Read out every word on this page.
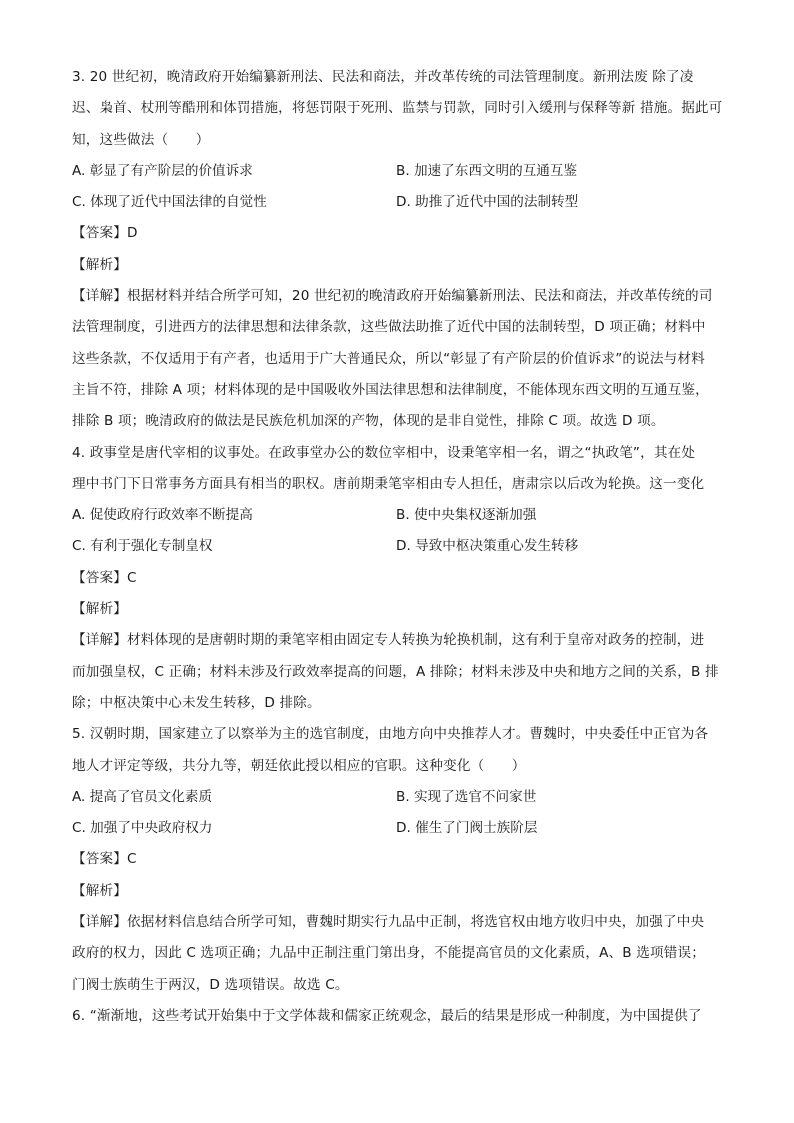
3. 20 世纪初，晚清政府开始编纂新刑法、民法和商法，并改革传统的司法管理制度。新刑法废 除了凌
迟、枭首、杖刑等酷刑和体罚措施，将惩罚限于死刑、监禁与罚款，同时引入缓刑与保释等新 措施。据此可
知，这些做法（　　）
A. 彰显了有产阶层的价值诉求	B. 加速了东西文明的互通互鉴
C. 体现了近代中国法律的自觉性	D. 助推了近代中国的法制转型
【答案】D
【解析】
【详解】根据材料并结合所学可知，20 世纪初的晚清政府开始编纂新刑法、民法和商法，并改革传统的司
法管理制度，引进西方的法律思想和法律条款，这些做法助推了近代中国的法制转型，D 项正确；材料中
这些条款，不仅适用于有产者，也适用于广大普通民众，所以“彰显了有产阶层的价值诉求”的说法与材料
主旨不符，排除 A 项；材料体现的是中国吸收外国法律思想和法律制度，不能体现东西文明的互通互鉴，
排除 B 项；晚清政府的做法是民族危机加深的产物，体现的是非自觉性，排除 C 项。故选 D 项。
4. 政事堂是唐代宰相的议事处。在政事堂办公的数位宰相中，设秉笔宰相一名，谓之“执政笔”，其在处
理中书门下日常事务方面具有相当的职权。唐前期秉笔宰相由专人担任，唐肃宗以后改为轮换。这一变化
A. 促使政府行政效率不断提高	B. 使中央集权逐渐加强
C. 有利于强化专制皇权	D. 导致中枢决策重心发生转移
【答案】C
【解析】
【详解】材料体现的是唐朝时期的秉笔宰相由固定专人转换为轮换机制，这有利于皇帝对政务的控制，进
而加强皇权，C 正确；材料未涉及行政效率提高的问题，A 排除；材料未涉及中央和地方之间的关系，B 排
除；中枢决策中心未发生转移，D 排除。
5. 汉朝时期，国家建立了以察举为主的选官制度，由地方向中央推荐人才。曹魏时，中央委任中正官为各
地人才评定等级，共分九等，朝廷依此授以相应的官职。这种变化（　　）
A. 提高了官员文化素质	B. 实现了选官不问家世
C. 加强了中央政府权力	D. 催生了门阀士族阶层
【答案】C
【解析】
【详解】依据材料信息结合所学可知，曹魏时期实行九品中正制，将选官权由地方收归中央，加强了中央
政府的权力，因此 C 选项正确；九品中正制注重门第出身，不能提高官员的文化素质，A、B 选项错误；
门阀士族萌生于两汉，D 选项错误。故选 C。
6. “渐渐地，这些考试开始集中于文学体裁和儒家正统观念，最后的结果是形成一种制度，为中国提供了
